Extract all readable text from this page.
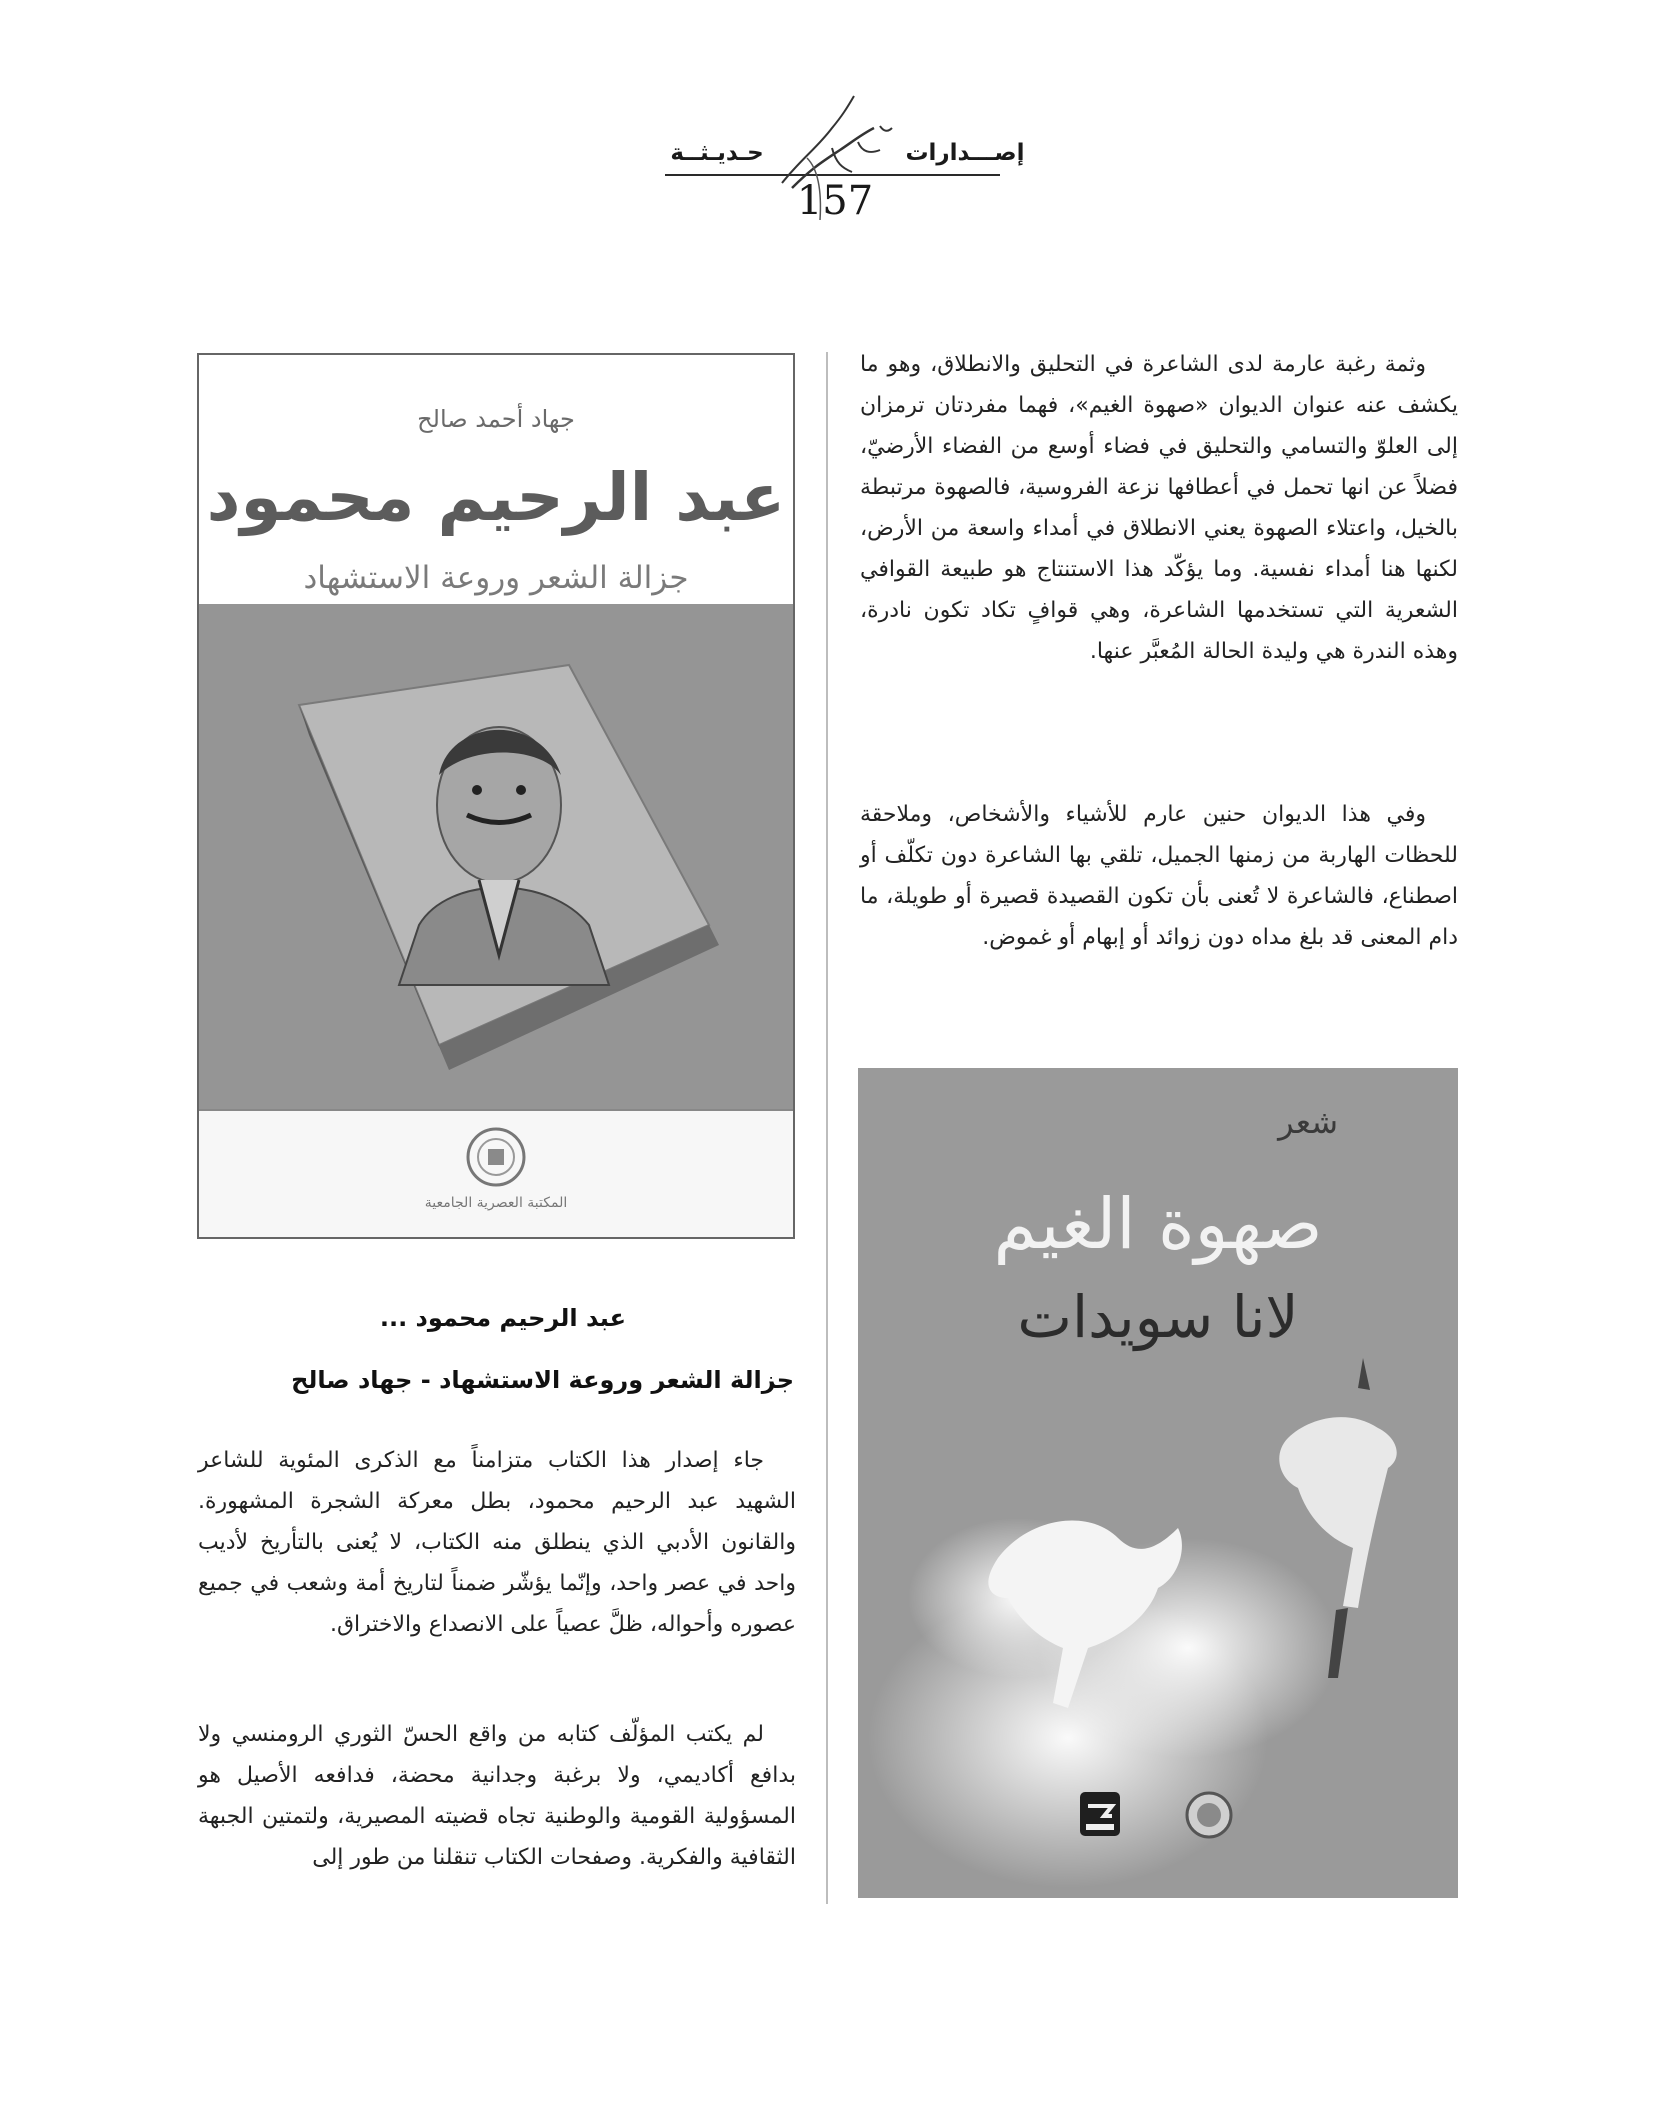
إصـــدارات
حـديـثــة
157

وثمة رغبة عارمة لدى الشاعرة في التحليق والانطلاق، وهو ما يكشف عنه عنوان الديوان «صهوة الغيم»، فهما مفردتان ترمزان إلى العلوّ والتسامي والتحليق في فضاء أوسع من الفضاء الأرضيّ، فضلاً عن انها تحمل في أعطافها نزعة الفروسية، فالصهوة مرتبطة بالخيل، واعتلاء الصهوة يعني الانطلاق في أمداء واسعة من الأرض، لكنها هنا أمداء نفسية. وما يؤكّد هذا الاستنتاج هو طبيعة القوافي الشعرية التي تستخدمها الشاعرة، وهي قوافٍ تكاد تكون نادرة، وهذه الندرة هي وليدة الحالة المُعبَّر عنها.

وفي هذا الديوان حنين عارم للأشياء والأشخاص، وملاحقة للحظات الهاربة من زمنها الجميل، تلقي بها الشاعرة دون تكلّف أو اصطناع، فالشاعرة لا تُعنى بأن تكون القصيدة قصيرة أو طويلة، ما دام المعنى قد بلغ مداه دون زوائد أو إبهام أو غموض.

جهاد أحمد صالح
عبد الرحيم محمود
جزالة الشعر وروعة الاستشهاد
المكتبة العصرية الجامعية
عبد الرحيم محمود ...
جزالة الشعر وروعة الاستشهاد - جهاد صالح

جاء إصدار هذا الكتاب متزامناً مع الذكرى المئوية للشاعر الشهيد عبد الرحيم محمود، بطل معركة الشجرة المشهورة. والقانون الأدبي الذي ينطلق منه الكتاب، لا يُعنى بالتأريخ لأديب واحد في عصر واحد، وإنّما يؤشّر ضمناً لتاريخ أمة وشعب في جميع عصوره وأحواله، ظلَّ عصياً على الانصداع والاختراق.

لم يكتب المؤلّف كتابه من واقع الحسّ الثوري الرومنسي ولا بدافع أكاديمي، ولا برغبة وجدانية محضة، فدافعه الأصيل هو المسؤولية القومية والوطنية تجاه قضيته المصيرية، ولتمتين الجبهة الثقافية والفكرية. وصفحات الكتاب تنقلنا من طور إلى

شعر
صهوة الغيم
لانا سويدات
